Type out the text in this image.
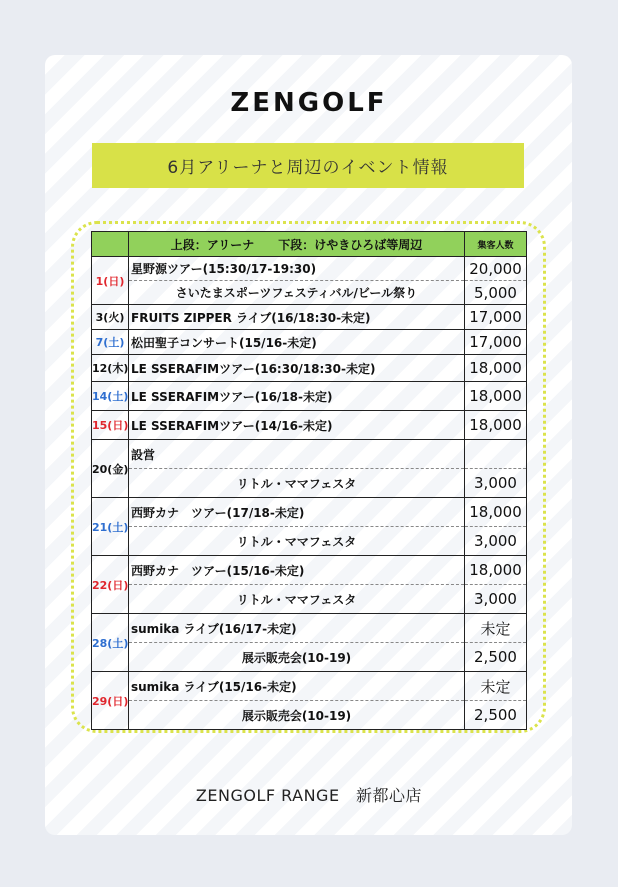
ZENGOLF
6月アリーナと周辺のイベント情報
	上段：アリーナ　　下段：けやきひろば等周辺	集客人数
1(日)	星野源ツアー(15:30/17-19:30)	20,000
	さいたまスポーツフェスティバル/ビール祭り	5,000
3(火)	FRUITS ZIPPER ライブ(16/18:30-未定)	17,000
7(土)	松田聖子コンサート(15/16-未定)	17,000
12(木)	LE SSERAFIMツアー(16:30/18:30-未定)	18,000
14(土)	LE SSERAFIMツアー(16/18-未定)	18,000
15(日)	LE SSERAFIMツアー(14/16-未定)	18,000
20(金)	設営	
	リトル・ママフェスタ	3,000
21(土)	西野カナ　ツアー(17/18-未定)	18,000
	リトル・ママフェスタ	3,000
22(日)	西野カナ　ツアー(15/16-未定)	18,000
	リトル・ママフェスタ	3,000
28(土)	sumika ライブ(16/17-未定)	未定
	展示販売会(10-19)	2,500
29(日)	sumika ライブ(15/16-未定)	未定
	展示販売会(10-19)	2,500
ZENGOLF RANGE　新都心店
